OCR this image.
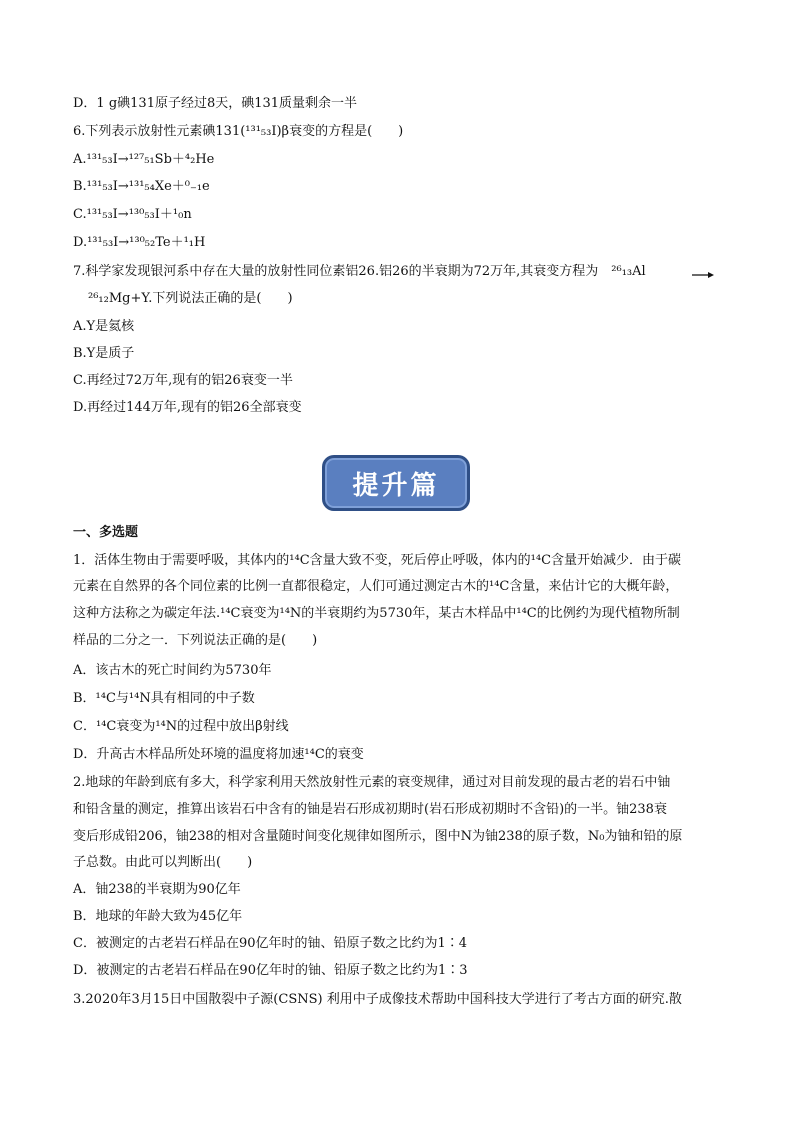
D．1 g碘131原子经过8天，碘131质量剩余一半
6.下列表示放射性元素碘131(¹³¹₅₃I)β衰变的方程是(　　)
A.¹³¹₅₃I→¹²⁷₅₁Sb＋⁴₂He
B.¹³¹₅₃I→¹³¹₅₄Xe＋⁰₋₁e
C.¹³¹₅₃I→¹³⁰₅₃I＋¹₀n
D.¹³¹₅₃I→¹³⁰₅₂Te＋¹₁H
7.科学家发现银河系中存在大量的放射性同位素铝26.铝26的半衰期为72万年,其衰变方程为　²⁶₁₃Al
²⁶₁₂Mg+Y.下列说法正确的是(　　)
A.Y是氦核
B.Y是质子
C.再经过72万年,现有的铝26衰变一半
D.再经过144万年,现有的铝26全部衰变
提升篇
一、多选题
1．活体生物由于需要呼吸，其体内的¹⁴C含量大致不变，死后停止呼吸，体内的¹⁴C含量开始减少．由于碳
元素在自然界的各个同位素的比例一直都很稳定，人们可通过测定古木的¹⁴C含量，来估计它的大概年龄，
这种方法称之为碳定年法.¹⁴C衰变为¹⁴N的半衰期约为5730年，某古木样品中¹⁴C的比例约为现代植物所制
样品的二分之一．下列说法正确的是(　　)
A．该古木的死亡时间约为5730年
B．¹⁴C与¹⁴N具有相同的中子数
C．¹⁴C衰变为¹⁴N的过程中放出β射线
D．升高古木样品所处环境的温度将加速¹⁴C的衰变
2.地球的年龄到底有多大，科学家利用天然放射性元素的衰变规律，通过对目前发现的最古老的岩石中铀
和铅含量的测定，推算出该岩石中含有的铀是岩石形成初期时(岩石形成初期时不含铅)的一半。铀238衰
变后形成铅206，铀238的相对含量随时间变化规律如图所示，图中N为铀238的原子数，N₀为铀和铅的原
子总数。由此可以判断出(　　)
A．铀238的半衰期为90亿年
B．地球的年龄大致为45亿年
C．被测定的古老岩石样品在90亿年时的铀、铅原子数之比约为1∶4
D．被测定的古老岩石样品在90亿年时的铀、铅原子数之比约为1∶3
3.2020年3月15日中国散裂中子源(CSNS) 利用中子成像技术帮助中国科技大学进行了考古方面的研究.散
